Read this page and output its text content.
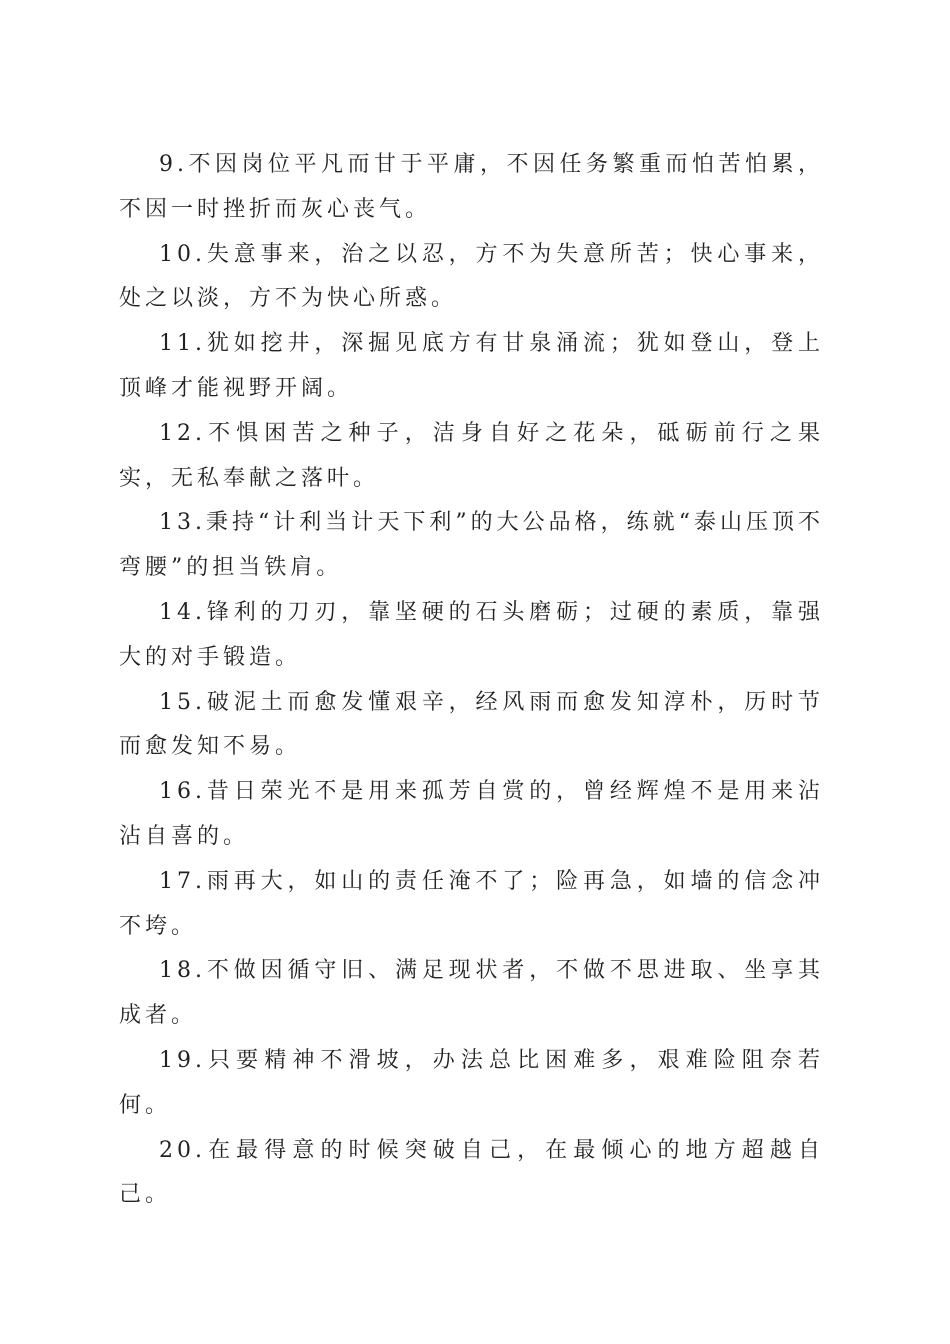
9.不因岗位平凡而甘于平庸，不因任务繁重而怕苦怕累，不因一时挫折而灰心丧气。

10.失意事来，治之以忍，方不为失意所苦；快心事来，处之以淡，方不为快心所惑。

11.犹如挖井，深掘见底方有甘泉涌流；犹如登山，登上顶峰才能视野开阔。

12.不惧困苦之种子，洁身自好之花朵，砥砺前行之果实，无私奉献之落叶。

13.秉持“计利当计天下利”的大公品格，练就“泰山压顶不弯腰”的担当铁肩。

14.锋利的刀刃，靠坚硬的石头磨砺；过硬的素质，靠强大的对手锻造。

15.破泥土而愈发懂艰辛，经风雨而愈发知淳朴，历时节而愈发知不易。

16.昔日荣光不是用来孤芳自赏的，曾经辉煌不是用来沾沾自喜的。

17.雨再大，如山的责任淹不了；险再急，如墙的信念冲不垮。

18.不做因循守旧、满足现状者，不做不思进取、坐享其成者。

19.只要精神不滑坡，办法总比困难多，艰难险阻奈若何。

20.在最得意的时候突破自己，在最倾心的地方超越自己。
